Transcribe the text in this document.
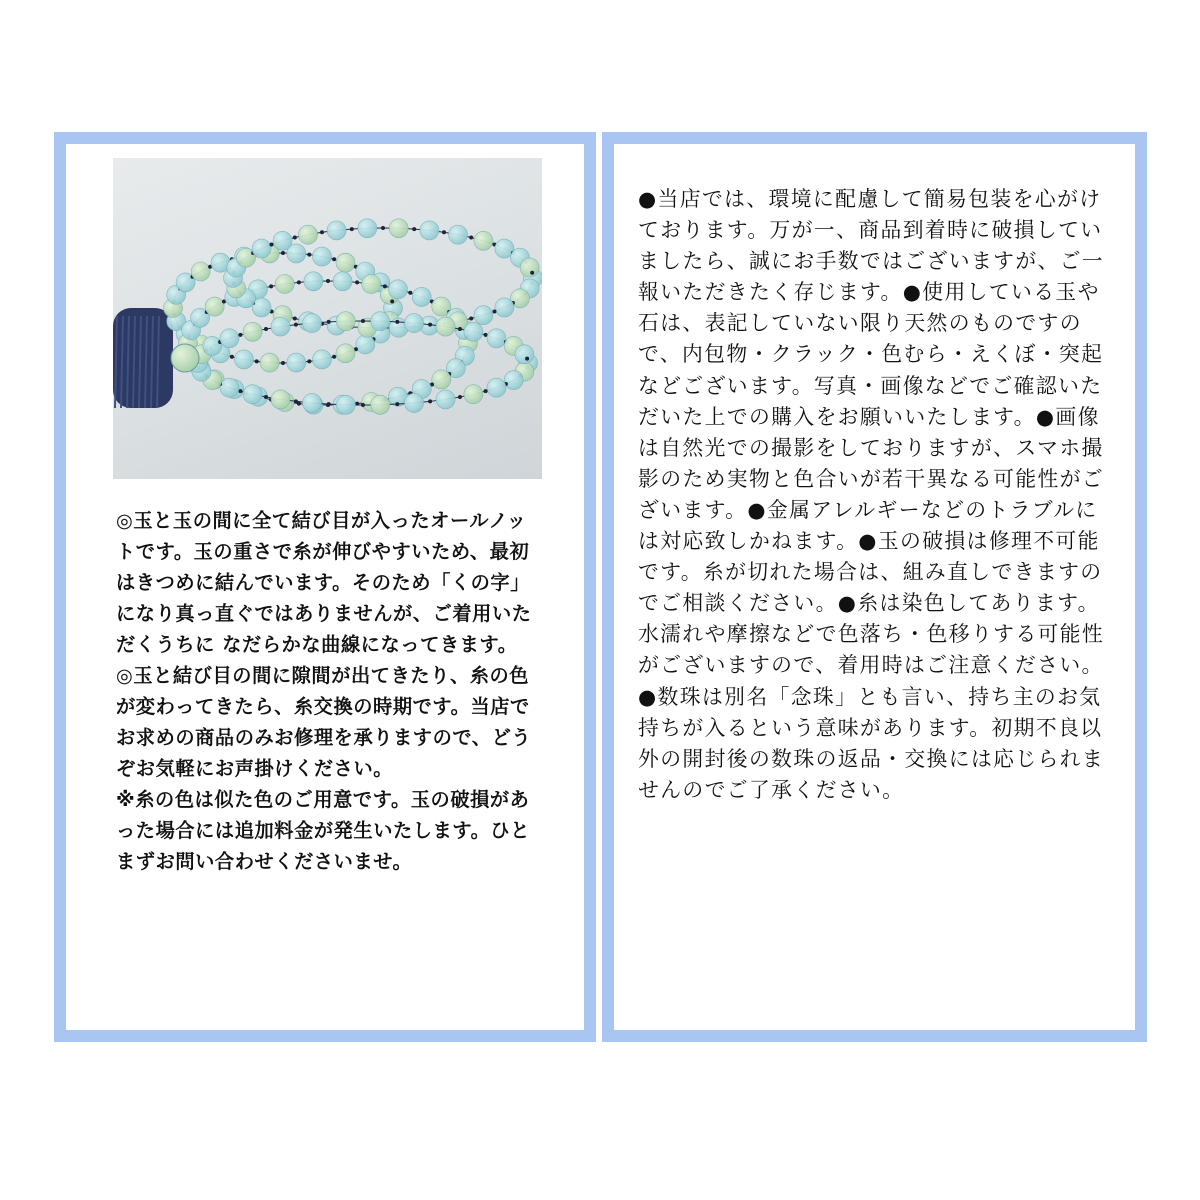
◎玉と玉の間に全て結び目が入ったオールノットです。玉の重さで糸が伸びやすいため、最初はきつめに結んでいます。そのため「くの字」になり真っ直ぐではありませんが、ご着用いただくうちに なだらかな曲線になってきます。

◎玉と結び目の間に隙間が出てきたり、糸の色が変わってきたら、糸交換の時期です。当店でお求めの商品のみお修理を承りますので、どうぞお気軽にお声掛けください。

※糸の色は似た色のご用意です。玉の破損があった場合には追加料金が発生いたします。ひとまずお問い合わせくださいませ。

●当店では、環境に配慮して簡易包装を心がけております。万が一、商品到着時に破損していましたら、誠にお手数ではございますが、ご一報いただきたく存じます。●使用している玉や石は、表記していない限り天然のものですので、内包物・クラック・色むら・えくぼ・突起などございます。写真・画像などでご確認いただいた上での購入をお願いいたします。●画像は自然光での撮影をしておりますが、スマホ撮影のため実物と色合いが若干異なる可能性がございます。●金属アレルギーなどのトラブルには対応致しかねます。●玉の破損は修理不可能です。糸が切れた場合は、組み直しできますのでご相談ください。●糸は染色してあります。水濡れや摩擦などで色落ち・色移りする可能性がございますので、着用時はご注意ください。●数珠は別名「念珠」とも言い、持ち主のお気持ちが入るという意味があります。初期不良以外の開封後の数珠の返品・交換には応じられませんのでご了承ください。
